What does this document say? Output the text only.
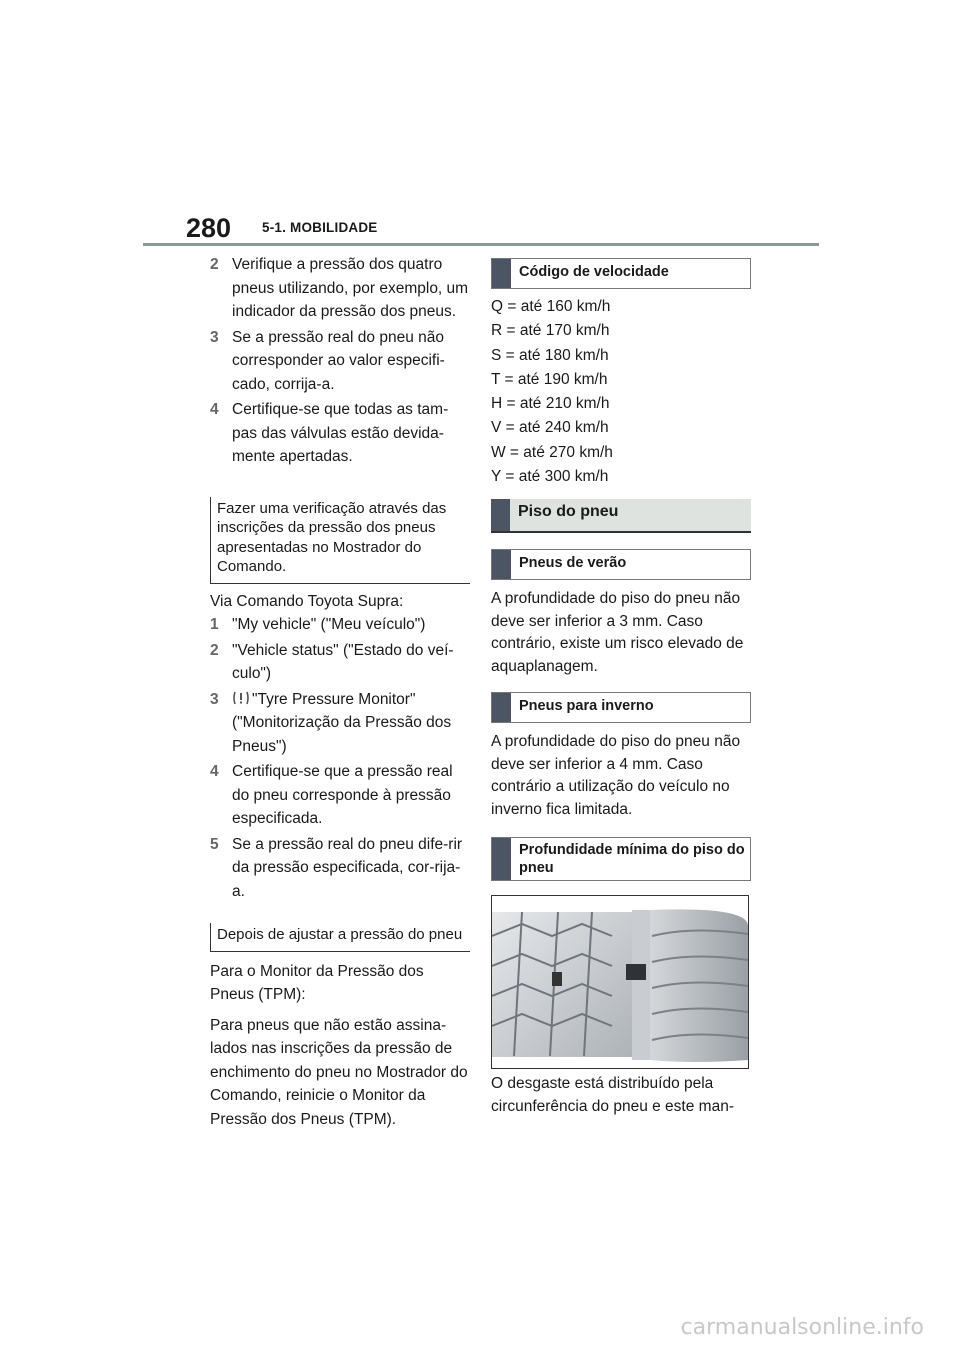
280 5-1. MOBILIDADE
2 Verifique a pressão dos quatro pneus utilizando, por exemplo, um indicador da pressão dos pneus.
3 Se a pressão real do pneu não corresponder ao valor especifi-cado, corrija-a.
4 Certifique-se que todas as tam-pas das válvulas estão devida-mente apertadas.
Fazer uma verificação através das inscrições da pressão dos pneus apresentadas no Mostrador do Comando.

Via Comando Toyota Supra:

1 "My vehicle" ("Meu veículo")
2 "Vehicle status" ("Estado do veí-culo")
3 "Tyre Pressure Monitor" ("Monitorização da Pressão dos Pneus")
4 Certifique-se que a pressão real do pneu corresponde à pressão especificada.
5 Se a pressão real do pneu dife-rir da pressão especificada, cor-rija-a.
Depois de ajustar a pressão do pneu

Para o Monitor da Pressão dos Pneus (TPM):

Para pneus que não estão assina-lados nas inscrições da pressão de enchimento do pneu no Mostrador do Comando, reinicie o Monitor da Pressão dos Pneus (TPM).

Código de velocidade

Q = até 160 km/h

R = até 170 km/h

S = até 180 km/h

T = até 190 km/h

H = até 210 km/h

V = até 240 km/h

W = até 270 km/h

Y = até 300 km/h

Piso do pneu
Pneus de verão

A profundidade do piso do pneu não deve ser inferior a 3 mm. Caso contrário, existe um risco elevado de aquaplanagem.

Pneus para inverno

A profundidade do piso do pneu não deve ser inferior a 4 mm. Caso contrário a utilização do veículo no inverno fica limitada.

Profundidade mínima do piso do pneu

O desgaste está distribuído pela circunferência do pneu e este man-

carmanualsonline.info
